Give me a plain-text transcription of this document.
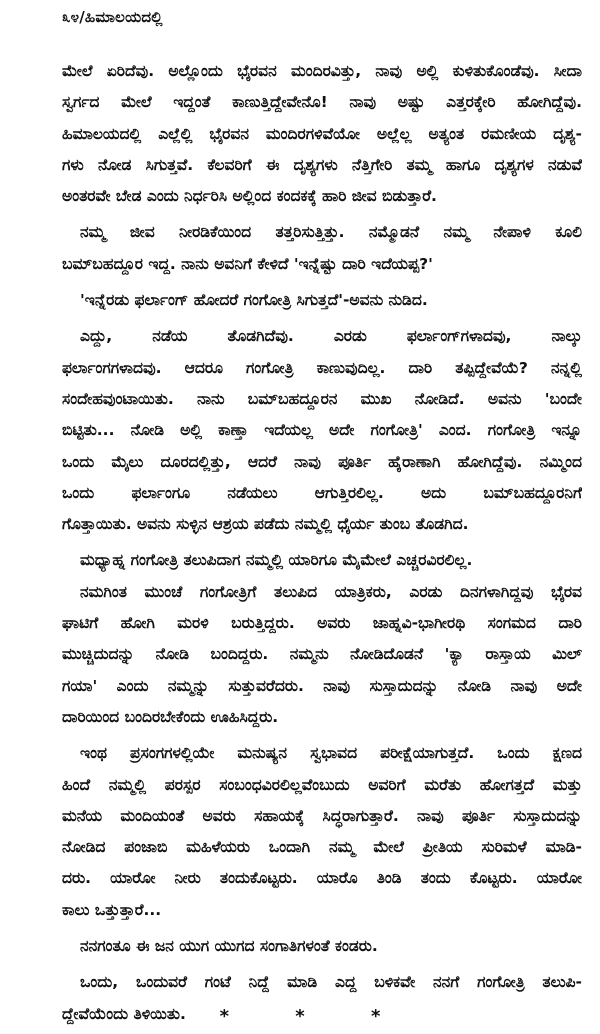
೩೪/ಹಿಮಾಲಯದಲ್ಲಿ
ಮೇಲೆ ಏರಿದೆವು. ಅಲ್ಲೊಂದು ಭೈರವನ ಮಂದಿರವಿತ್ತು, ನಾವು ಅಲ್ಲಿ ಕುಳಿತುಕೊಂಡೆವು. ಸೀದಾ
ಸ್ವರ್ಗದ ಮೇಲೆ ಇದ್ದಂತೆ ಕಾಣುತ್ತಿದ್ದೇವೇನೊ! ನಾವು ಅಷ್ಟು ಎತ್ತರಕ್ಕೇರಿ ಹೋಗಿದ್ದೆವು.
ಹಿಮಾಲಯದಲ್ಲಿ ಎಲ್ಲೆಲ್ಲಿ ಭೈರವನ ಮಂದಿರಗಳಿವೆಯೋ ಅಲ್ಲೆಲ್ಲ ಅತ್ಯಂತ ರಮಣೀಯ ದೃಶ್ಯ-
ಗಳು ನೋಡ ಸಿಗುತ್ತವೆ. ಕೆಲವರಿಗೆ ಈ ದೃಶ್ಯಗಳು ನೆತ್ತಿಗೇರಿ ತಮ್ಮ ಹಾಗೂ ದೃಶ್ಯಗಳ ನಡುವೆ
ಅಂತರವೇ ಬೇಡ ಎಂದು ನಿರ್ಧರಿಸಿ ಅಲ್ಲಿಂದ ಕಂದಕಕ್ಕೆ ಹಾರಿ ಜೀವ ಬಿಡುತ್ತಾರೆ.
ನಮ್ಮ ಜೀವ ನೀರಡಿಕೆಯಿಂದ ತತ್ತರಿಸುತ್ತಿತ್ತು. ನಮ್ಮೊಡನೆ ನಮ್ಮ ನೇಪಾಳಿ ಕೂಲಿ
ಬಮ್‌ಬಹದ್ದೂರ ಇದ್ದ. ನಾನು ಅವನಿಗೆ ಕೇಳಿದೆ 'ಇನ್ನೆಷ್ಟು ದಾರಿ ಇದೆಯಪ್ಪ?'
'ಇನ್ನೆರಡು ಫರ್ಲಾಂಗ್ ಹೋದರೆ ಗಂಗೋತ್ರಿ ಸಿಗುತ್ತದೆ'-ಅವನು ನುಡಿದ.
ಎದ್ದು, ನಡೆಯ ತೊಡಗಿದೆವು. ಎರಡು ಫರ್ಲಾಂಗ್‌ಗಳಾದವು, ನಾಲ್ಕು
ಫರ್ಲಾಂಗಗಳಾದವು. ಆದರೂ ಗಂಗೋತ್ರಿ ಕಾಣುವುದಿಲ್ಲ. ದಾರಿ ತಪ್ಪಿದ್ದೇವೆಯೆ? ನನ್ನಲ್ಲಿ
ಸಂದೇಹವುಂಟಾಯಿತು. ನಾನು ಬಮ್‌ಬಹದ್ದೂರನ ಮುಖ ನೋಡಿದೆ. ಅವನು 'ಬಂದೇ
ಬಿಟ್ಟಿತು... ನೋಡಿ ಅಲ್ಲಿ ಕಾಣ್ತಾ ಇದೆಯಲ್ಲ ಅದೇ ಗಂಗೋತ್ರಿ' ಎಂದ. ಗಂಗೋತ್ರಿ ಇನ್ನೂ
ಒಂದು ಮೈಲು ದೂರದಲ್ಲಿತ್ತು, ಆದರೆ ನಾವು ಪೂರ್ತಿ ಹೈರಾಣಾಗಿ ಹೋಗಿದ್ದೆವು. ನಮ್ಮಿಂದ
ಒಂದು ಫರ್ಲಾಂಗೂ ನಡೆಯಲು ಆಗುತ್ತಿರಲಿಲ್ಲ. ಅದು ಬಮ್‌ಬಹದ್ದೂರನಿಗೆ
ಗೊತ್ತಾಯಿತು. ಅವನು ಸುಳ್ಳಿನ ಆಶ್ರಯ ಪಡೆದು ನಮ್ಮಲ್ಲಿ ಧೈರ್ಯ ತುಂಬ ತೊಡಗಿದ.
ಮಧ್ಯಾಹ್ನ ಗಂಗೋತ್ರಿ ತಲುಪಿದಾಗ ನಮ್ಮಲ್ಲಿ ಯಾರಿಗೂ ಮೈಮೇಲೆ ಎಚ್ಚರವಿರಲಿಲ್ಲ.
ನಮಗಿಂತ ಮುಂಚೆ ಗಂಗೋತ್ರಿಗೆ ತಲುಪಿದ ಯಾತ್ರಿಕರು, ಎರಡು ದಿನಗಳಾಗಿದ್ದವು ಭೈರವ
ಘಾಟಿಗೆ ಹೋಗಿ ಮರಳಿ ಬರುತ್ತಿದ್ದರು. ಅವರು ಜಾಹ್ನವಿ-ಭಾಗೀರಥಿ ಸಂಗಮದ ದಾರಿ
ಮುಚ್ಚಿದುದನ್ನು ನೋಡಿ ಬಂದಿದ್ದರು. ನಮ್ಮನು ನೋಡಿದೊಡನೆ 'ಕ್ಯಾ ರಾಸ್ತಾಯ ಮಿಲ್
ಗಯಾ' ಎಂದು ನಮ್ಮನ್ನು ಸುತ್ತುವರೆದರು. ನಾವು ಸುಸ್ತಾದುದನ್ನು ನೋಡಿ ನಾವು ಅದೇ
ದಾರಿಯಿಂದ ಬಂದಿರಬೇಕೆಂದು ಊಹಿಸಿದ್ದರು.
ಇಂಥ ಪ್ರಸಂಗಗಳಲ್ಲಿಯೇ ಮನುಷ್ಯನ ಸ್ವಭಾವದ ಪರೀಕ್ಷೆಯಾಗುತ್ತದೆ. ಒಂದು ಕ್ಷಣದ
ಹಿಂದೆ ನಮ್ಮಲ್ಲಿ ಪರಸ್ಪರ ಸಂಬಂಧವಿರಲಿಲ್ಲವೆಂಬುದು ಅವರಿಗೆ ಮರೆತು ಹೋಗತ್ತದೆ ಮತ್ತು
ಮನೆಯ ಮಂದಿಯಂತೆ ಅವರು ಸಹಾಯಕ್ಕೆ ಸಿದ್ಧರಾಗುತ್ತಾರೆ. ನಾವು ಪೂರ್ತಿ ಸುಸ್ತಾದುದನ್ನು
ನೋಡಿದ ಪಂಜಾಬಿ ಮಹಿಳೆಯರು ಒಂದಾಗಿ ನಮ್ಮ ಮೇಲೆ ಪ್ರೀತಿಯ ಸುರಿಮಳೆ ಮಾಡಿ-
ದರು. ಯಾರೋ ನೀರು ತಂದುಕೊಟ್ಟರು. ಯಾರೊ ತಿಂಡಿ ತಂದು ಕೊಟ್ಟರು. ಯಾರೋ
ಕಾಲು ಒತ್ತುತ್ತಾರೆ...
ನನಗಂತೂ ಈ ಜನ ಯುಗ ಯುಗದ ಸಂಗಾತಿಗಳಂತೆ ಕಂಡರು.
ಒಂದು, ಒಂದುವರೆ ಗಂಟೆ ನಿದ್ದೆ ಮಾಡಿ ಎದ್ದ ಬಳಿಕವೇ ನನಗೆ ಗಂಗೋತ್ರಿ ತಲುಪಿ-
ದ್ದೇವೆಯೆಂದು ತಿಳಿಯಿತು.	*	*	*
